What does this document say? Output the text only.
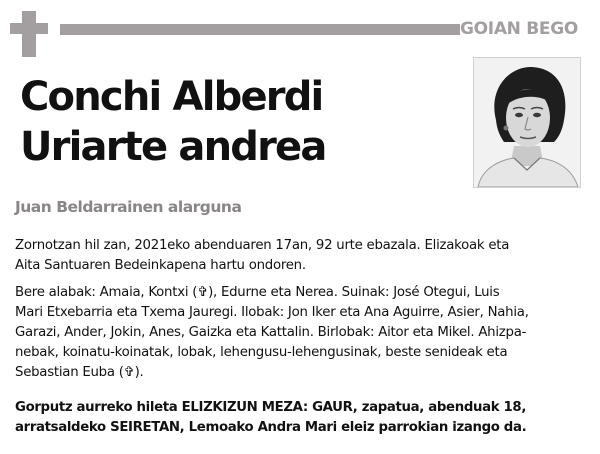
GOIAN BEGO
Conchi Alberdi
Uriarte andrea
Juan Beldarrainen alarguna

Zornotzan hil zan, 2021eko abenduaren 17an, 92 urte ebazala. Elizakoak eta
Aita Santuaren Bedeinkapena hartu ondoren.

Bere alabak: Amaia, Kontxi (✞), Edurne eta Nerea. Suinak: José Otegui, Luis
Mari Etxebarria eta Txema Jauregi. Ilobak: Jon Iker eta Ana Aguirre, Asier, Nahia,
Garazi, Ander, Jokin, Anes, Gaizka eta Kattalin. Birlobak: Aitor eta Mikel. Ahizpa-
nebak, koinatu-koinatak, lobak, lehengusu-lehengusinak, beste senideak eta
Sebastian Euba (✞).

Gorputz aurreko hileta ELIZKIZUN MEZA: GAUR, zapatua, abenduak 18,
arratsaldeko SEIRETAN, Lemoako Andra Mari eleiz parrokian izango da.
